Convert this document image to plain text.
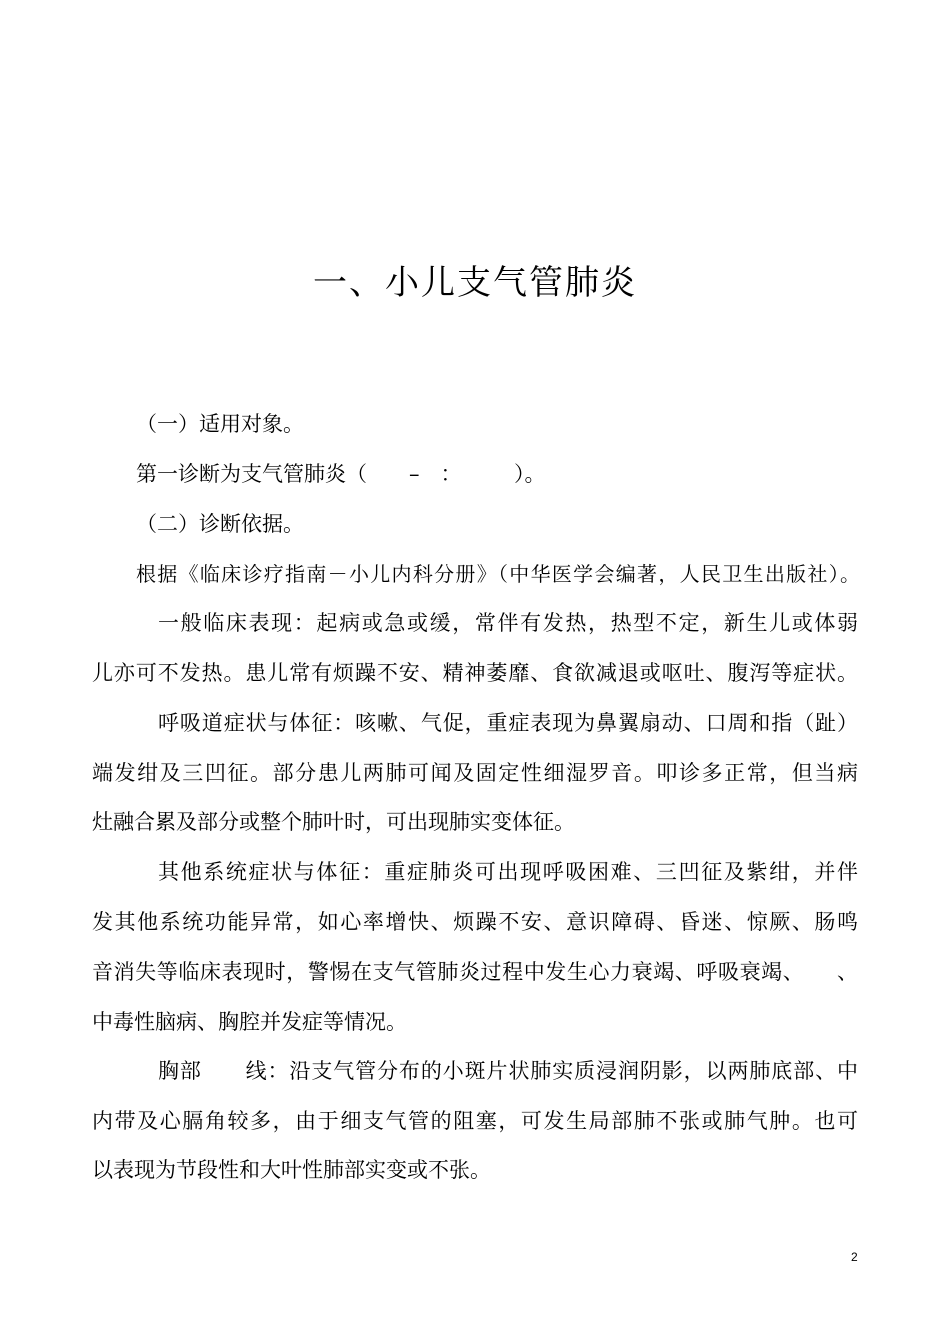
一、小儿支气管肺炎
（一）适用对象。
第一诊断为支气管肺炎（　　–　：　　　）。
（二）诊断依据。
根据《临床诊疗指南－小儿内科分册》（中华医学会编著，人民卫生出版社）。
一般临床表现：起病或急或缓，常伴有发热，热型不定，新生儿或体弱
儿亦可不发热。患儿常有烦躁不安、精神萎靡、食欲减退或呕吐、腹泻等症状。
呼吸道症状与体征：咳嗽、气促，重症表现为鼻翼扇动、口周和指（趾）
端发绀及三凹征。部分患儿两肺可闻及固定性细湿罗音。叩诊多正常，但当病
灶融合累及部分或整个肺叶时，可出现肺实变体征。
其他系统症状与体征：重症肺炎可出现呼吸困难、三凹征及紫绀，并伴
发其他系统功能异常，如心率增快、烦躁不安、意识障碍、昏迷、惊厥、肠鸣
音消失等临床表现时，警惕在支气管肺炎过程中发生心力衰竭、呼吸衰竭、　　、
中毒性脑病、胸腔并发症等情况。
胸部　　线：沿支气管分布的小斑片状肺实质浸润阴影，以两肺底部、中
内带及心膈角较多，由于细支气管的阻塞，可发生局部肺不张或肺气肿。也可
以表现为节段性和大叶性肺部实变或不张。
2
